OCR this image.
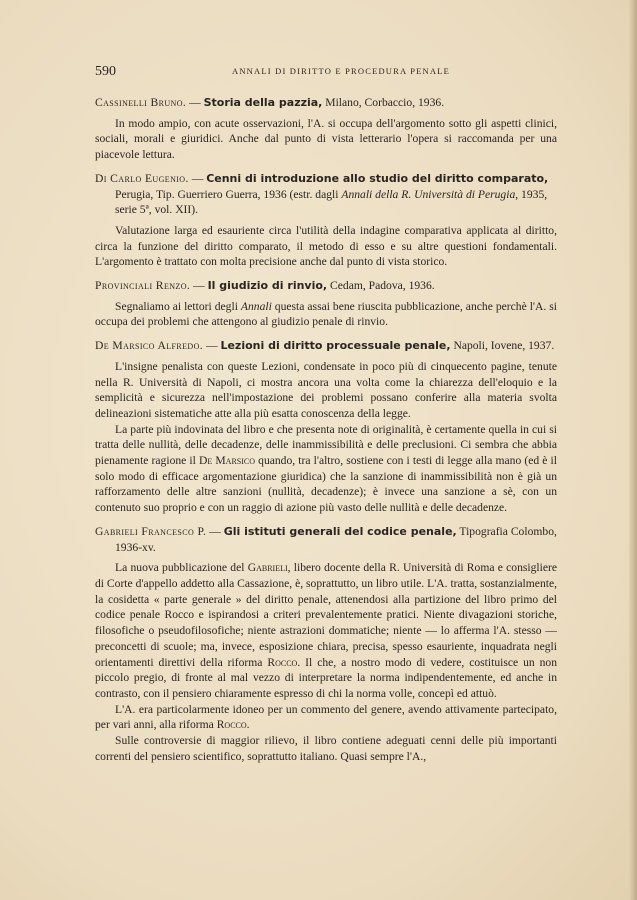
590	ANNALI DI DIRITTO E PROCEDURA PENALE
Cassinelli Bruno. — Storia della pazzia, Milano, Corbaccio, 1936.

In modo ampio, con acute osservazioni, l'A. si occupa dell'argomento sotto gli aspetti clinici, sociali, morali e giuridici. Anche dal punto di vista letterario l'opera si raccomanda per una piacevole lettura.

Di Carlo Eugenio. — Cenni di introduzione allo studio del diritto comparato, Perugia, Tip. Guerriero Guerra, 1936 (estr. dagli Annali della R. Università di Perugia, 1935, serie 5ª, vol. XII).

Valutazione larga ed esauriente circa l'utilità della indagine comparativa applicata al diritto, circa la funzione del diritto comparato, il metodo di esso e su altre questioni fondamentali. L'argomento è trattato con molta precisione anche dal punto di vista storico.

Provinciali Renzo. — Il giudizio di rinvio, Cedam, Padova, 1936.

Segnaliamo ai lettori degli Annali questa assai bene riuscita pubblicazione, anche perchè l'A. si occupa dei problemi che attengono al giudizio penale di rinvio.

De Marsico Alfredo. — Lezioni di diritto processuale penale, Napoli, Iovene, 1937.

L'insigne penalista con queste Lezioni, condensate in poco più di cinquecento pagine, tenute nella R. Università di Napoli, ci mostra ancora una volta come la chiarezza dell'eloquio e la semplicità e sicurezza nell'impostazione dei problemi possano conferire alla materia svolta delineazioni sistematiche atte alla più esatta conoscenza della legge.

La parte più indovinata del libro e che presenta note di originalità, è certamente quella in cui si tratta delle nullità, delle decadenze, delle inammissibilità e delle preclusioni. Ci sembra che abbia pienamente ragione il De Marsico quando, tra l'altro, sostiene con i testi di legge alla mano (ed è il solo modo di efficace argomentazione giuridica) che la sanzione di inammissibilità non è già un rafforzamento delle altre sanzioni (nullità, decadenze); è invece una sanzione a sè, con un contenuto suo proprio e con un raggio di azione più vasto delle nullità e delle decadenze.

Gabrieli Francesco P. — Gli istituti generali del codice penale, Tipografia Colombo, 1936-xv.

La nuova pubblicazione del Gabrieli, libero docente della R. Università di Roma e consigliere di Corte d'appello addetto alla Cassazione, è, soprattutto, un libro utile. L'A. tratta, sostanzialmente, la cosidetta « parte generale » del diritto penale, attenendosi alla partizione del libro primo del codice penale Rocco e ispirandosi a criteri prevalentemente pratici. Niente divagazioni storiche, filosofiche o pseudofilosofiche; niente astrazioni dommatiche; niente — lo afferma l'A. stesso — preconcetti di scuole; ma, invece, esposizione chiara, precisa, spesso esauriente, inquadrata negli orientamenti direttivi della riforma Rocco. Il che, a nostro modo di vedere, costituisce un non piccolo pregio, di fronte al mal vezzo di interpretare la norma indipendentemente, ed anche in contrasto, con il pensiero chiaramente espresso di chi la norma volle, concepì ed attuò.

L'A. era particolarmente idoneo per un commento del genere, avendo attivamente partecipato, per vari anni, alla riforma Rocco.

Sulle controversie di maggior rilievo, il libro contiene adeguati cenni delle più importanti correnti del pensiero scientifico, soprattutto italiano. Quasi sempre l'A.,
